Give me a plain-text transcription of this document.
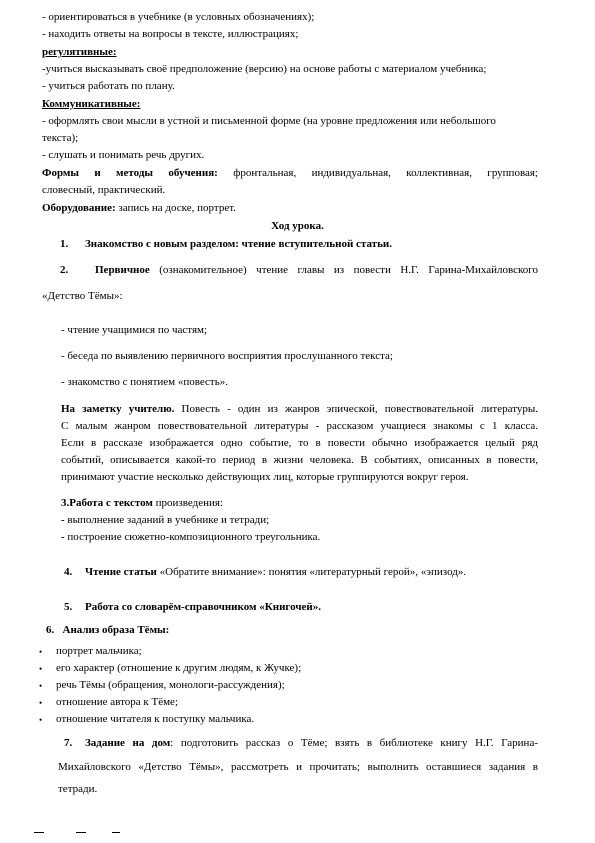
- ориентироваться в учебнике (в условных обозначениях);
- находить ответы на вопросы в тексте, иллюстрациях;
регулятивные:
-учиться высказывать своё предположение (версию) на основе работы с материалом учебника;
- учиться работать по плану.
Коммуникативные:
- оформлять свои мысли в устной и письменной форме (на уровне предложения или небольшого
текста);
- слушать и понимать речь других.
Формы и методы обучения: фронтальная, индивидуальная, коллективная, групповая;
словесный, практический.
Оборудование: запись на доске, портрет.
Ход урока.
1. Знакомство с новым разделом: чтение вступительной статьи.
2. Первичное (ознакомительное) чтение главы из повести Н.Г. Гарина-Михайловского
«Детство Тёмы»:
- чтение учащимися по частям;
- беседа по выявлению первичного восприятия прослушанного текста;
- знакомство с понятием «повесть».
На заметку учителю. Повесть - один из жанров эпической, повествовательной литературы.
С малым жанром повествовательной литературы - рассказом учащиеся знакомы с 1 класса.
Если в рассказе изображается одно событие, то в повести обычно изображается целый ряд
событий, описывается какой-то период в жизни человека. В событиях, описанных в повести,
принимают участие несколько действующих лиц, которые группируются вокруг героя.
3.Работа с текстом произведения:
- выполнение заданий в учебнике и тетради;
- построение сюжетно-композиционного треугольника.
4. Чтение статьи «Обратите внимание»: понятия «литературный герой», «эпизод».
5. Работа со словарём-справочником «Книгочей».
6.   Анализ образа Тёмы:
• портрет мальчика;
• его характер (отношение к другим людям, к Жучке);
• речь Тёмы (обращения, монологи-рассуждения);
• отношение автора к Тёме;
• отношение читателя к поступку мальчика.
7. Задание на дом: подготовить рассказ о Тёме; взять в библиотеке книгу Н.Г. Гарина-
Михайловского «Детство Тёмы», рассмотреть и прочитать; выполнить оставшиеся задания в
тетради.
